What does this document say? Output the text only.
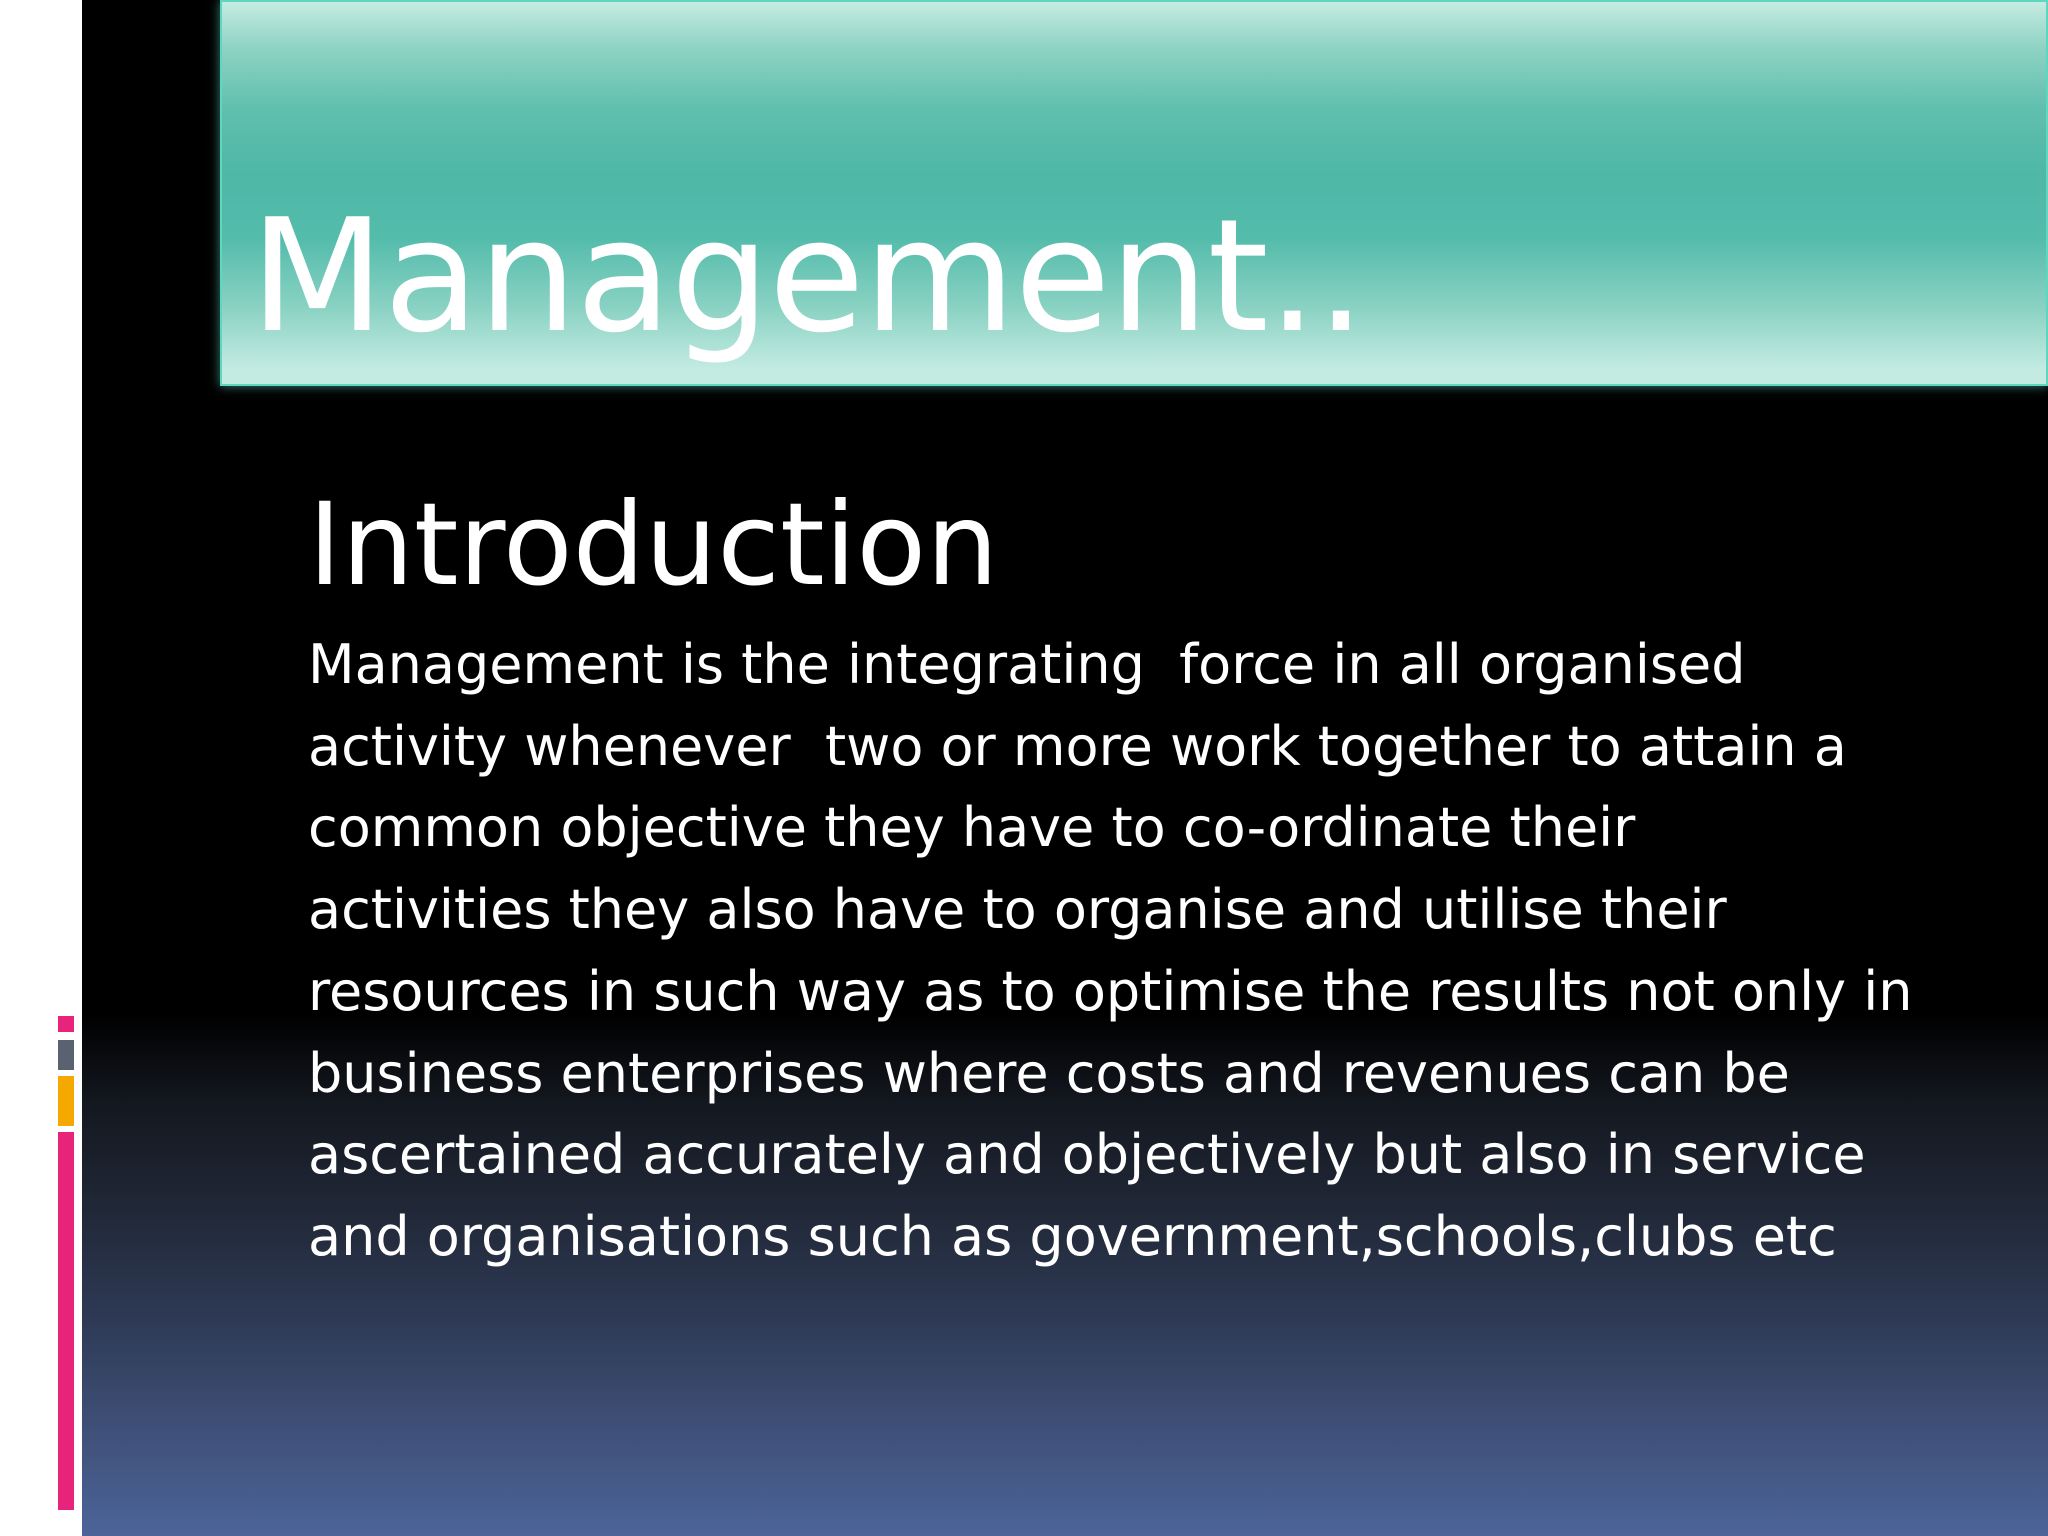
Management..
Introduction
Management is the integrating  force in all organised
activity whenever  two or more work together to attain a
common objective they have to co-ordinate their
activities they also have to organise and utilise their
resources in such way as to optimise the results not only in
business enterprises where costs and revenues can be
ascertained accurately and objectively but also in service
and organisations such as government,schools,clubs etc
